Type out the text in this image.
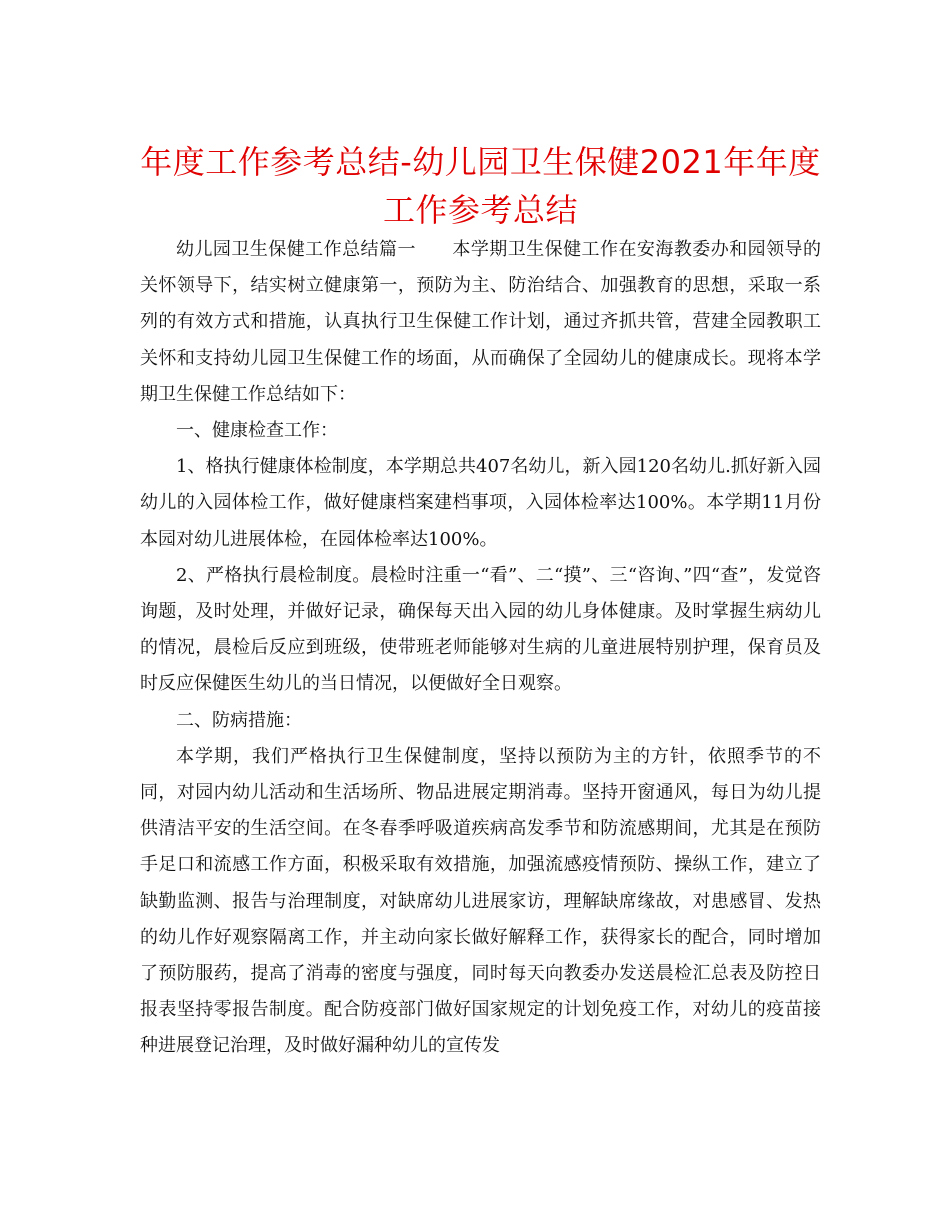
年度工作参考总结-幼儿园卫生保健2021年年度工作参考总结

幼儿园卫生保健工作总结篇一 本学期卫生保健工作在安海教委办和园领导的关怀领导下，结实树立健康第一，预防为主、防治结合、加强教育的思想，采取一系列的有效方式和措施，认真执行卫生保健工作计划，通过齐抓共管，营建全园教职工关怀和支持幼儿园卫生保健工作的场面，从而确保了全园幼儿的健康成长。现将本学期卫生保健工作总结如下：

一、健康检查工作：

1、格执行健康体检制度，本学期总共407名幼儿，新入园120名幼儿.抓好新入园幼儿的入园体检工作，做好健康档案建档事项，入园体检率达100%。本学期11月份本园对幼儿进展体检，在园体检率达100%。

2、严格执行晨检制度。晨检时注重一“看”、二“摸”、三“咨询、”四“查”，发觉咨询题，及时处理，并做好记录，确保每天出入园的幼儿身体健康。及时掌握生病幼儿的情况，晨检后反应到班级，使带班老师能够对生病的儿童进展特别护理，保育员及时反应保健医生幼儿的当日情况，以便做好全日观察。

二、防病措施：

本学期，我们严格执行卫生保健制度，坚持以预防为主的方针，依照季节的不同，对园内幼儿活动和生活场所、物品进展定期消毒。坚持开窗通风，每日为幼儿提供清洁平安的生活空间。在冬春季呼吸道疾病高发季节和防流感期间，尤其是在预防手足口和流感工作方面，积极采取有效措施，加强流感疫情预防、操纵工作，建立了缺勤监测、报告与治理制度，对缺席幼儿进展家访，理解缺席缘故，对患感冒、发热的幼儿作好观察隔离工作，并主动向家长做好解释工作，获得家长的配合，同时增加了预防服药，提高了消毒的密度与强度，同时每天向教委办发送晨检汇总表及防控日报表坚持零报告制度。配合防疫部门做好国家规定的计划免疫工作，对幼儿的疫苗接种进展登记治理，及时做好漏种幼儿的宣传发
